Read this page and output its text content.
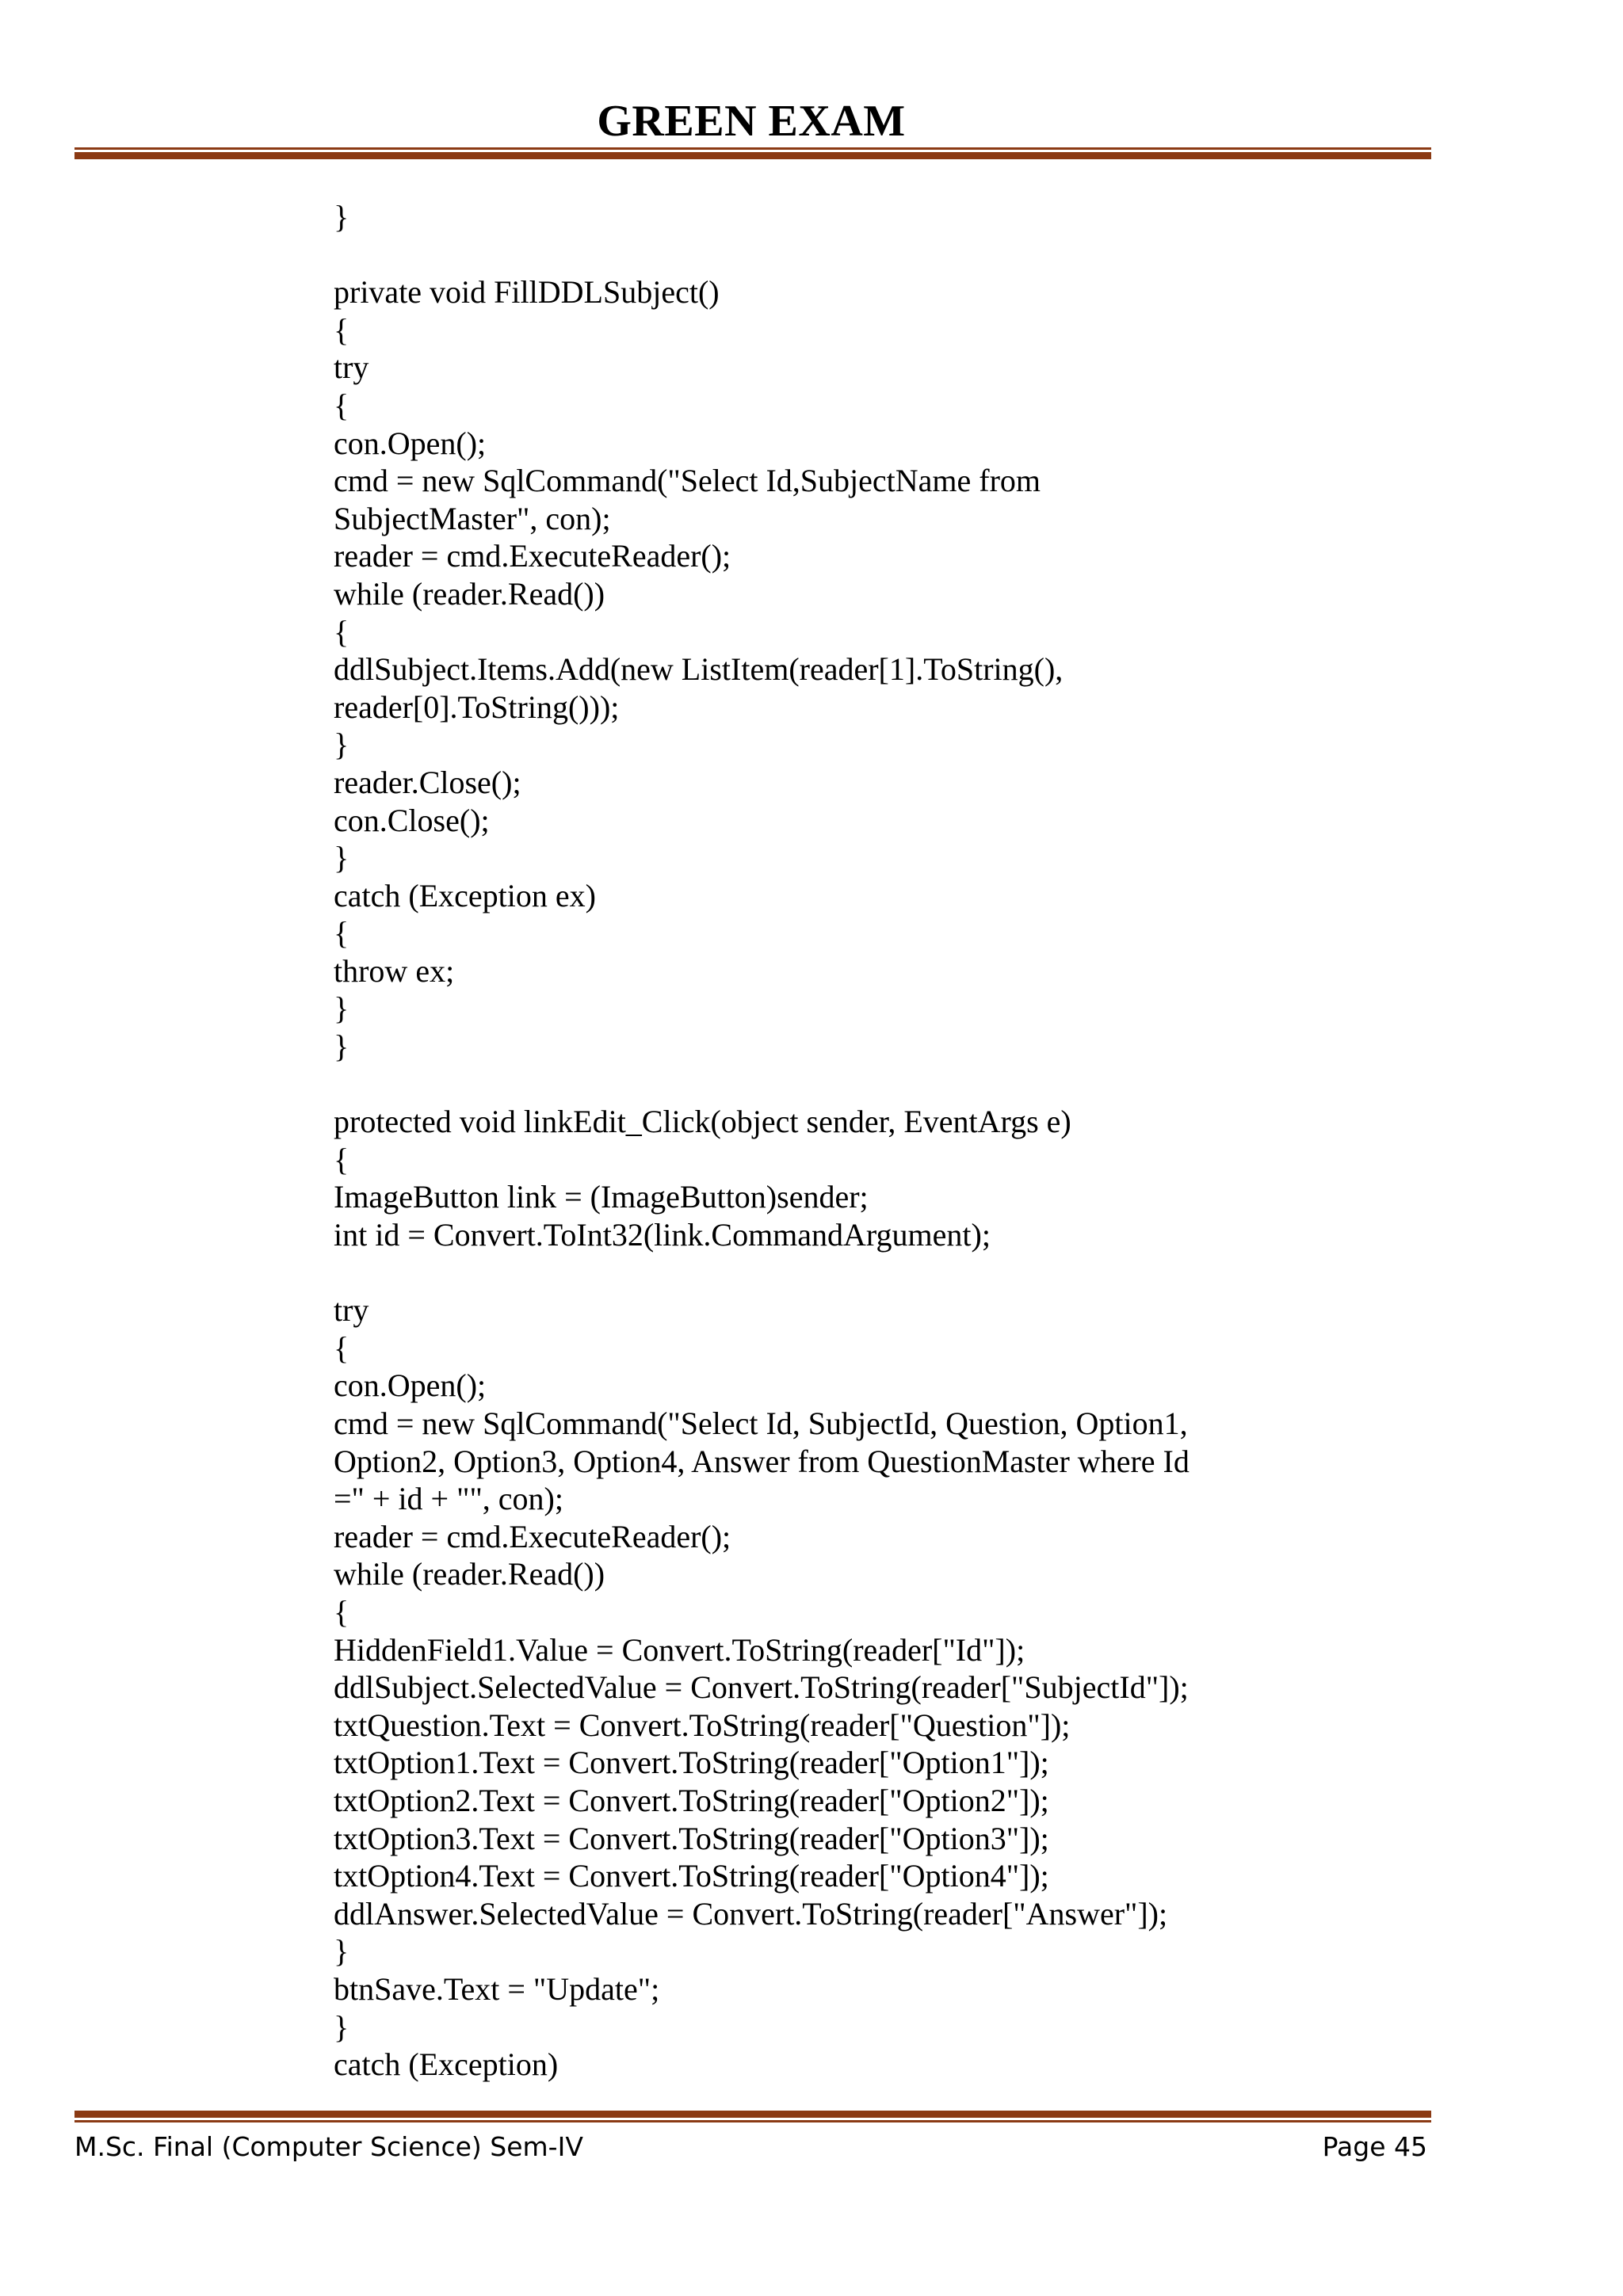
GREEN EXAM
}
private void FillDDLSubject()
{
try
{
con.Open();
cmd = new SqlCommand("Select Id,SubjectName from
SubjectMaster", con);
reader = cmd.ExecuteReader();
while (reader.Read())
{
ddlSubject.Items.Add(new ListItem(reader[1].ToString(),
reader[0].ToString()));
}
reader.Close();
con.Close();
}
catch (Exception ex)
{
throw ex;
}
}
protected void linkEdit_Click(object sender, EventArgs e)
{
ImageButton link = (ImageButton)sender;
int id = Convert.ToInt32(link.CommandArgument);
try
{
con.Open();
cmd = new SqlCommand("Select Id, SubjectId, Question, Option1,
Option2, Option3, Option4, Answer from QuestionMaster where Id
=" + id + "", con);
reader = cmd.ExecuteReader();
while (reader.Read())
{
HiddenField1.Value = Convert.ToString(reader["Id"]);
ddlSubject.SelectedValue = Convert.ToString(reader["SubjectId"]);
txtQuestion.Text = Convert.ToString(reader["Question"]);
txtOption1.Text = Convert.ToString(reader["Option1"]);
txtOption2.Text = Convert.ToString(reader["Option2"]);
txtOption3.Text = Convert.ToString(reader["Option3"]);
txtOption4.Text = Convert.ToString(reader["Option4"]);
ddlAnswer.SelectedValue = Convert.ToString(reader["Answer"]);
}
btnSave.Text = "Update";
}
catch (Exception)
M.Sc. Final (Computer Science) Sem-IV	Page 45
